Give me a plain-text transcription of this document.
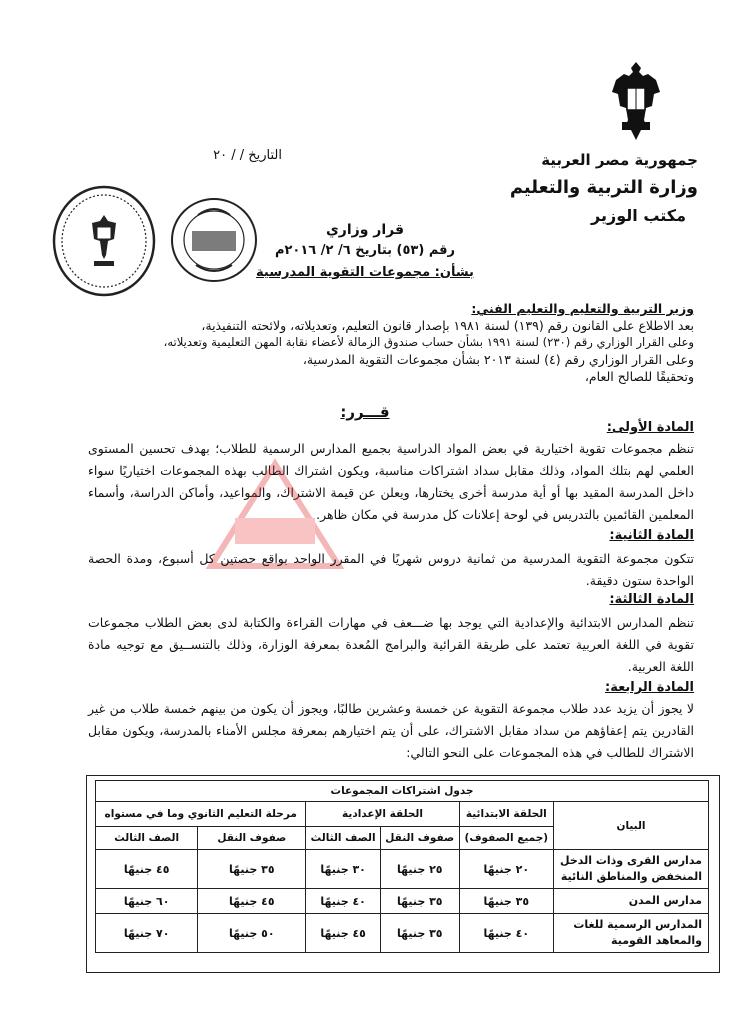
جمهورية مصر العربية
وزارة التربية والتعليم
مكتب الوزير
التاريخ / / ٢٠
قرار وزاري
رقم (٥٣) بتاريخ ٦/ ٢/ ٢٠١٦م
بشأن: مجموعات التقوية المدرسية
وزير التربية والتعليم والتعليم الفني:
بعد الاطلاع على القانون رقم (١٣٩) لسنة ١٩٨١ بإصدار قانون التعليم، وتعديلاته، ولائحته التنفيذية،
وعلى القرار الوزاري رقم (٢٣٠) لسنة ١٩٩١ بشأن حساب صندوق الزمالة لأعضاء نقابة المهن التعليمية وتعديلاته،
وعلى القرار الوزاري رقم (٤) لسنة ٢٠١٣ بشأن مجموعات التقوية المدرسية،
وتحقيقًا للصالح العام،
قـــرر:
المادة الأولى:
تنظم مجموعات تقوية اختيارية في بعض المواد الدراسية بجميع المدارس الرسمية للطلاب؛ بهدف تحسين المستوى العلمي لهم بتلك المواد، وذلك مقابل سداد اشتراكات مناسبة، ويكون اشتراك الطالب بهذه المجموعات اختياريًا سواء داخل المدرسة المقيد بها أو أية مدرسة أخرى يختارها، ويعلن عن قيمة الاشتراك، والمواعيد، وأماكن الدراسة، وأسماء المعلمين القائمين بالتدريس في لوحة إعلانات كل مدرسة في مكان ظاهر.
المادة الثانية:
تتكون مجموعة التقوية المدرسية من ثمانية دروس شهريًا في المقرر الواحد بواقع حصتين كل أسبوع، ومدة الحصة الواحدة ستون دقيقة.
المادة الثالثة:
تنظم المدارس الابتدائية والإعدادية التي يوجد بها ضـــعف في مهارات القراءة والكتابة لدى بعض الطلاب مجموعات تقوية في اللغة العربية تعتمد على طريقة القرائية والبرامج المُعدة بمعرفة الوزارة، وذلك بالتنســيق مع توجيه مادة اللغة العربية.
المادة الرابعة:
لا يجوز أن يزيد عدد طلاب مجموعة التقوية عن خمسة وعشرين طالبًا، ويجوز أن يكون من بينهم خمسة طلاب من غير القادرين يتم إعفاؤهم من سداد مقابل الاشتراك، على أن يتم اختيارهم بمعرفة مجلس الأمناء بالمدرسة، ويكون مقابل الاشتراك للطالب في هذه المجموعات على النحو التالي:
جدول اشتراكات المجموعات					
البيان	الحلقة الابتدائية	الحلقة الإعدادية		مرحلة التعليم الثانوي وما في مستواه	
	(جميع الصفوف)	صفوف النقل	الصف الثالث	صفوف النقل	الصف الثالث
مدارس القرى وذات الدخل المنخفض والمناطق النائية	٢٠ جنيهًا	٢٥ جنيهًا	٣٠ جنيهًا	٣٥ جنيهًا	٤٥ جنيهًا
مدارس المدن	٣٥ جنيهًا	٣٥ جنيهًا	٤٠ جنيهًا	٤٥ جنيهًا	٦٠ جنيهًا
المدارس الرسمية للغات والمعاهد القومية	٤٠ جنيهًا	٣٥ جنيهًا	٤٥ جنيهًا	٥٠ جنيهًا	٧٠ جنيهًا
